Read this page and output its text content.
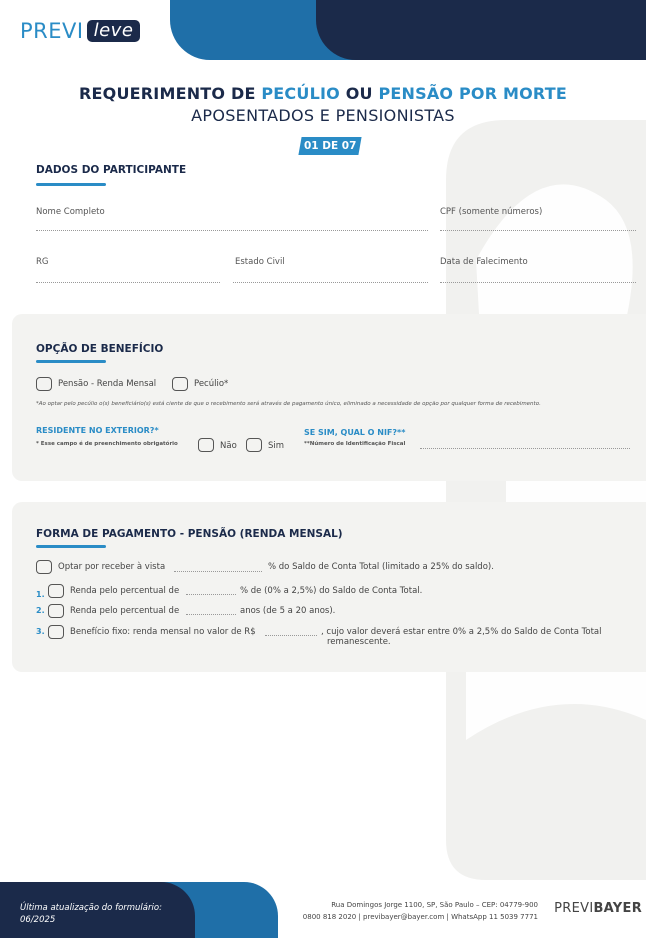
PREVI leve
REQUERIMENTO DE PECÚLIO OU PENSÃO POR MORTE
APOSENTADOS E PENSIONISTAS
01 DE 07
DADOS DO PARTICIPANTE
Nome Completo	CPF (somente números)
RG	Estado Civil	Data de Falecimento
OPÇÃO DE BENEFÍCIO
Pensão - Renda Mensal	Pecúlio*
*Ao optar pelo pecúlio o(s) beneficiário(s) está ciente de que o recebimento será através de pagamento único, eliminado a necessidade de opção por qualquer forma de recebimento.
RESIDENTE NO EXTERIOR?*
* Esse campo é de preenchimento obrigatório	Não	Sim
SE SIM, QUAL O NIF?**
**Número de Identificação Fiscal
FORMA DE PAGAMENTO - PENSÃO (RENDA MENSAL)
Optar por receber à vista	% do Saldo de Conta Total (limitado a 25% do saldo).
1.	Renda pelo percentual de	% de (0% a 2,5%) do Saldo de Conta Total.
2.	Renda pelo percentual de	anos (de 5 a 20 anos).
3.	Benefício fixo: renda mensal no valor de R$	, cujo valor deverá estar entre 0% a 2,5% do Saldo de Conta Total
remanescente.
Última atualização do formulário:
06/2025
Rua Domingos Jorge 1100, SP, São Paulo – CEP: 04779-900
0800 818 2020 | previbayer@bayer.com | WhatsApp 11 5039 7771
PREVIBAYER
